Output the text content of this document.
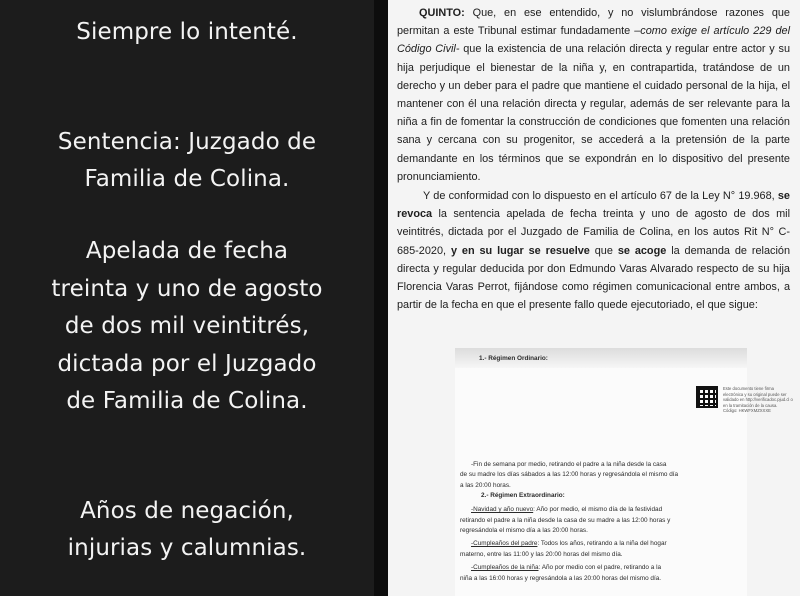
Siempre lo intenté.
Sentencia: Juzgado de
Familia de Colina.
Apelada de fecha
treinta y uno de agosto
de dos mil veintitrés,
dictada por el Juzgado
de Familia de Colina.
Años de negación,
injurias y calumnias.
QUINTO: Que, en ese entendido, y no vislumbrándose razones que permitan a este Tribunal estimar fundadamente –como exige el artículo 229 del Código Civil- que la existencia de una relación directa y regular entre actor y su hija perjudique el bienestar de la niña y, en contrapartida, tratándose de un derecho y un deber para el padre que mantiene el cuidado personal de la hija, el mantener con él una relación directa y regular, además de ser relevante para la niña a fin de fomentar la construcción de condiciones que fomenten una relación sana y cercana con su progenitor, se accederá a la pretensión de la parte demandante en los términos que se expondrán en lo dispositivo del presente pronunciamiento.
Y de conformidad con lo dispuesto en el artículo 67 de la Ley N° 19.968, se revoca la sentencia apelada de fecha treinta y uno de agosto de dos mil veintitrés, dictada por el Juzgado de Familia de Colina, en los autos Rit N° C-685-2020, y en su lugar se resuelve que se acoge la demanda de relación directa y regular deducida por don Edmundo Varas Alvarado respecto de su hija Florencia Varas Perrot, fijándose como régimen comunicacional entre ambos, a partir de la fecha en que el presente fallo quede ejecutoriado, el que sigue:
1.- Régimen Ordinario:
Este documento tiene firma electrónica y su original puede ser validado en http://verificadoc.pjud.cl o en la tramitación de la causa. Código: HKWFXMZXXXE
-Fin de semana por medio, retirando el padre a la niña desde la casa
de su madre los días sábados a las 12:00 horas y regresándola el mismo día
a las 20:00 horas.
2.- Régimen Extraordinario:
-Navidad y año nuevo: Año por medio, el mismo día de la festividad
retirando el padre a la niña desde la casa de su madre a las 12:00 horas y
regresándola el mismo día a las 20:00 horas.
-Cumpleaños del padre: Todos los años, retirando a la niña del hogar
materno, entre las 11:00 y las 20:00 horas del mismo día.
-Cumpleaños de la niña: Año por medio con el padre, retirando a la
niña a las 16:00 horas y regresándola a las 20:00 horas del mismo día.
